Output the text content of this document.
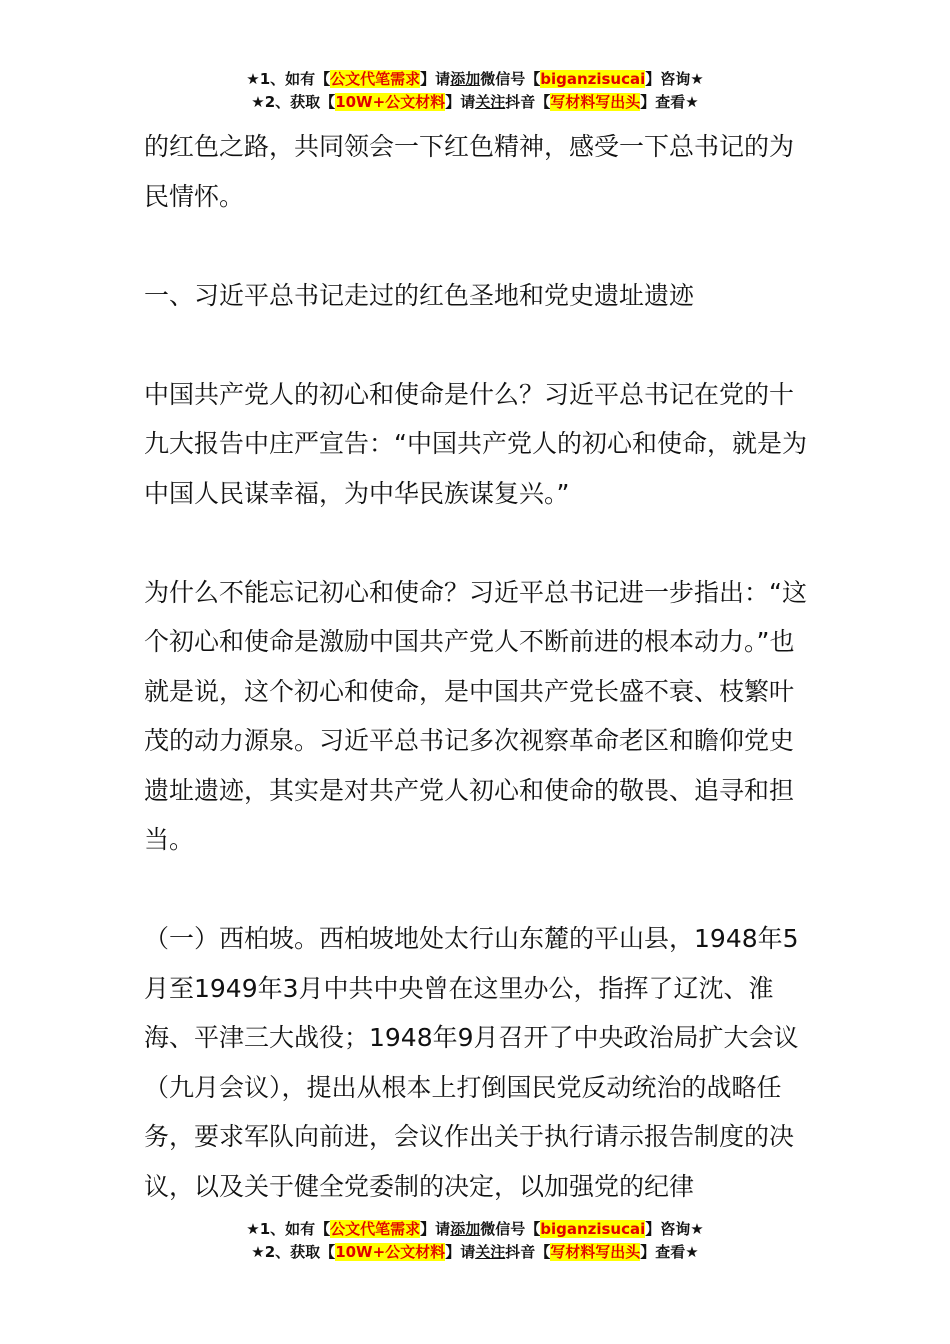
★1、如有【公文代笔需求】请添加微信号【biganzisucai】咨询★
★2、获取【10W+公文材料】请关注抖音【写材料写出头】查看★

的红色之路，共同领会一下红色精神，感受一下总书记的为民情怀。

一、习近平总书记走过的红色圣地和党史遗址遗迹

中国共产党人的初心和使命是什么？习近平总书记在党的十九大报告中庄严宣告：“中国共产党人的初心和使命，就是为中国人民谋幸福，为中华民族谋复兴。”

为什么不能忘记初心和使命？习近平总书记进一步指出：“这个初心和使命是激励中国共产党人不断前进的根本动力。”也就是说，这个初心和使命，是中国共产党长盛不衰、枝繁叶茂的动力源泉。习近平总书记多次视察革命老区和瞻仰党史遗址遗迹，其实是对共产党人初心和使命的敬畏、追寻和担当。

（一）西柏坡。西柏坡地处太行山东麓的平山县，1948年5月至1949年3月中共中央曾在这里办公，指挥了辽沈、淮海、平津三大战役；1948年9月召开了中央政治局扩大会议（九月会议），提出从根本上打倒国民党反动统治的战略任务，要求军队向前进，会议作出关于执行请示报告制度的决议，以及关于健全党委制的决定，以加强党的纪律

★1、如有【公文代笔需求】请添加微信号【biganzisucai】咨询★
★2、获取【10W+公文材料】请关注抖音【写材料写出头】查看★
